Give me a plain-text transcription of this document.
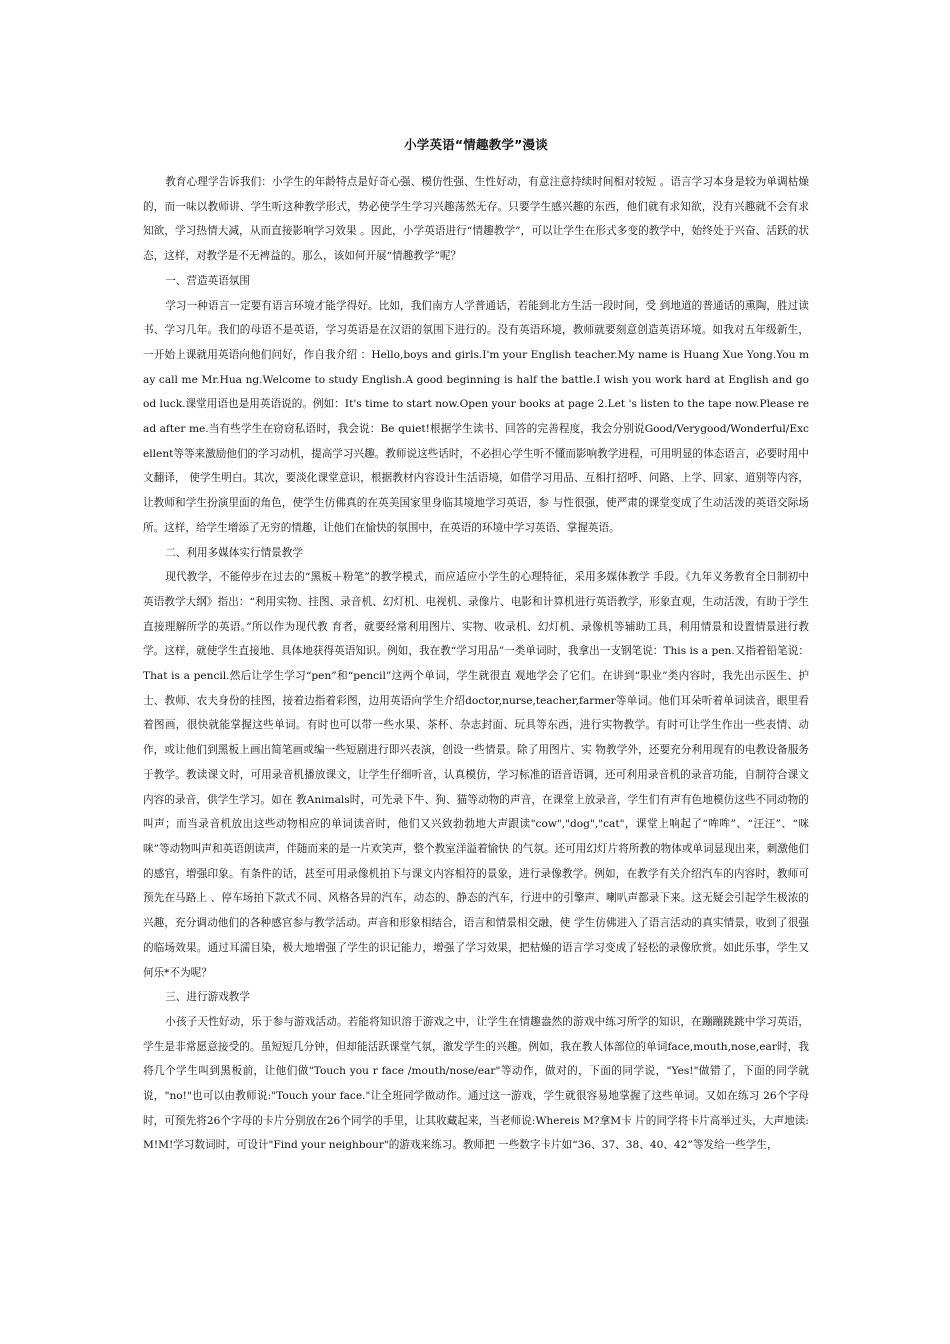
小学英语“情趣教学”漫谈

教育心理学告诉我们：小学生的年龄特点是好奇心强、模仿性强、生性好动，有意注意持续时间相对较短 。语言学习本身是较为单调枯燥的，而一味以教师讲、学生听这种教学形式，势必使学生学习兴趣荡然无存。只要学生感兴趣的东西，他们就有求知欲，没有兴趣就不会有求知欲，学习热情大减，从而直接影响学习效果 。因此，小学英语进行“情趣教学”，可以让学生在形式多变的教学中，始终处于兴奋、活跃的状态，这样，对教学是不无裨益的。那么，该如何开展“情趣教学”呢？

一、营造英语氛围

学习一种语言一定要有语言环境才能学得好。比如，我们南方人学普通话，若能到北方生活一段时间，受 到地道的普通话的熏陶，胜过读书、学习几年。我们的母语不是英语，学习英语是在汉语的氛围下进行的。没有英语环境，教师就要刻意创造英语环境。如我对五年级新生，一开始上课就用英语向他们问好，作自我介绍 ：Hello,boys and girls.I'm your English teacher.My name is Huang Xue Yong.You may call me Mr.Hua ng.Welcome to study English.A good beginning is half the battle.I wish you work hard at English and good luck.课堂用语也是用英语说的。例如：It's time to start now.Open your books at page 2.Let 's listen to the tape now.Please read after me.当有些学生在窃窃私语时，我会说：Be quiet!根据学生读书、回答的完善程度，我会分别说Good/Verygood/Wonderful/Excellent等等来激励他们的学习动机，提高学习兴趣。教师说这些话时，不必担心学生听不懂而影响教学进程，可用明显的体态语言，必要时用中文翻译， 使学生明白。其次，要淡化课堂意识，根据教材内容设计生活语境，如借学习用品、互相打招呼、问路、上学、回家、道别等内容，让教师和学生扮演里面的角色，使学生仿佛真的在英美国家里身临其境地学习英语，参 与性很强，使严肃的课堂变成了生动活泼的英语交际场所。这样，给学生增添了无穷的情趣，让他们在愉快的氛围中，在英语的环境中学习英语、掌握英语。

二、利用多媒体实行情景教学

现代教学，不能停步在过去的“黑板＋粉笔”的教学模式，而应适应小学生的心理特征，采用多媒体教学 手段。《九年义务教育全日制初中英语教学大纲》指出：“利用实物、挂图、录音机、幻灯机、电视机、录像片、电影和计算机进行英语教学，形象直观，生动活泼，有助于学生直接理解所学的英语。”所以作为现代教 育者，就要经常利用图片、实物、收录机、幻灯机、录像机等辅助工具，利用情景和设置情景进行教学。这样，就使学生直接地、具体地获得英语知识。例如，我在教“学习用品”一类单词时，我拿出一支钢笔说：This is a pen.又指着铅笔说：That is a pencil.然后让学生学习“pen”和“pencil”这两个单词，学生就很直 观地学会了它们。在讲到“职业”类内容时，我先出示医生、护士、教师、农夫身份的挂图，接着边指着彩图，边用英语向学生介绍doctor,nurse,teacher,farmer等单词。他们耳朵听着单词读音，眼里看着图画，很快就能掌握这些单词。有时也可以带一些水果、茶杯、杂志封面、玩具等东西，进行实物教学。有时可让学生作出一些表情、动作，或让他们到黑板上画出简笔画或编一些短剧进行即兴表演，创设一些情景。除了用图片、实 物教学外，还要充分利用现有的电教设备服务于教学。教读课文时，可用录音机播放课文，让学生仔细听音，认真模仿，学习标准的语音语调，还可利用录音机的录音功能，自制符合课文内容的录音，供学生学习。如在 教Animals时，可先录下牛、狗、猫等动物的声音，在课堂上放录音，学生们有声有色地模仿这些不同动物的叫声；而当录音机放出这些动物相应的单词读音时，他们又兴致勃勃地大声跟读"cow","dog","cat"，课堂上响起了“哞哞”、“汪汪”、“咪咪”等动物叫声和英语朗读声，伴随而来的是一片欢笑声，整个教室洋溢着愉快 的气氛。还可用幻灯片将所教的物体或单词显现出来，刺激他们的感官，增强印象。有条件的话，甚至可用录像机拍下与课文内容相符的景象，进行录像教学。例如，在教学有关介绍汽车的内容时，教师可预先在马路上 、停车场拍下款式不同、风格各异的汽车，动态的、静态的汽车，行进中的引擎声、喇叭声都录下来。这无疑会引起学生极浓的兴趣，充分调动他们的各种感官参与教学活动。声音和形象相结合，语言和情景相交融，使 学生仿佛进入了语言活动的真实情景，收到了很强的临场效果。通过耳濡目染，极大地增强了学生的识记能力，增强了学习效果，把枯燥的语言学习变成了轻松的录像欣赏。如此乐事，学生又何乐*不为呢？

三、进行游戏教学

小孩子天性好动，乐于参与游戏活动。若能将知识溶于游戏之中，让学生在情趣盎然的游戏中练习所学的知识，在蹦蹦跳跳中学习英语，学生是非常愿意接受的。虽短短几分钟，但却能活跃课堂气氛，激发学生的兴趣。例如，我在教人体部位的单词face,mouth,nose,ear时，我将几个学生叫到黑板前，让他们做"Touch you r face /mouth/nose/ear"等动作，做对的，下面的同学说，"Yes!"做错了，下面的同学就说，"no!"也可以由教师说:"Touch your face."让全班同学做动作。通过这一游戏，学生就很容易地掌握了这些单词。又如在练习 26个字母时，可预先将26个字母的卡片分别放在26个同学的手里，让其收藏起来，当老师说:Whereis M?拿M卡 片的同学将卡片高举过头，大声地读:M!M!学习数词时，可设计"Find your neighbour"的游戏来练习。教师把 一些数字卡片如“36、37、38、40、42”等发给一些学生，
